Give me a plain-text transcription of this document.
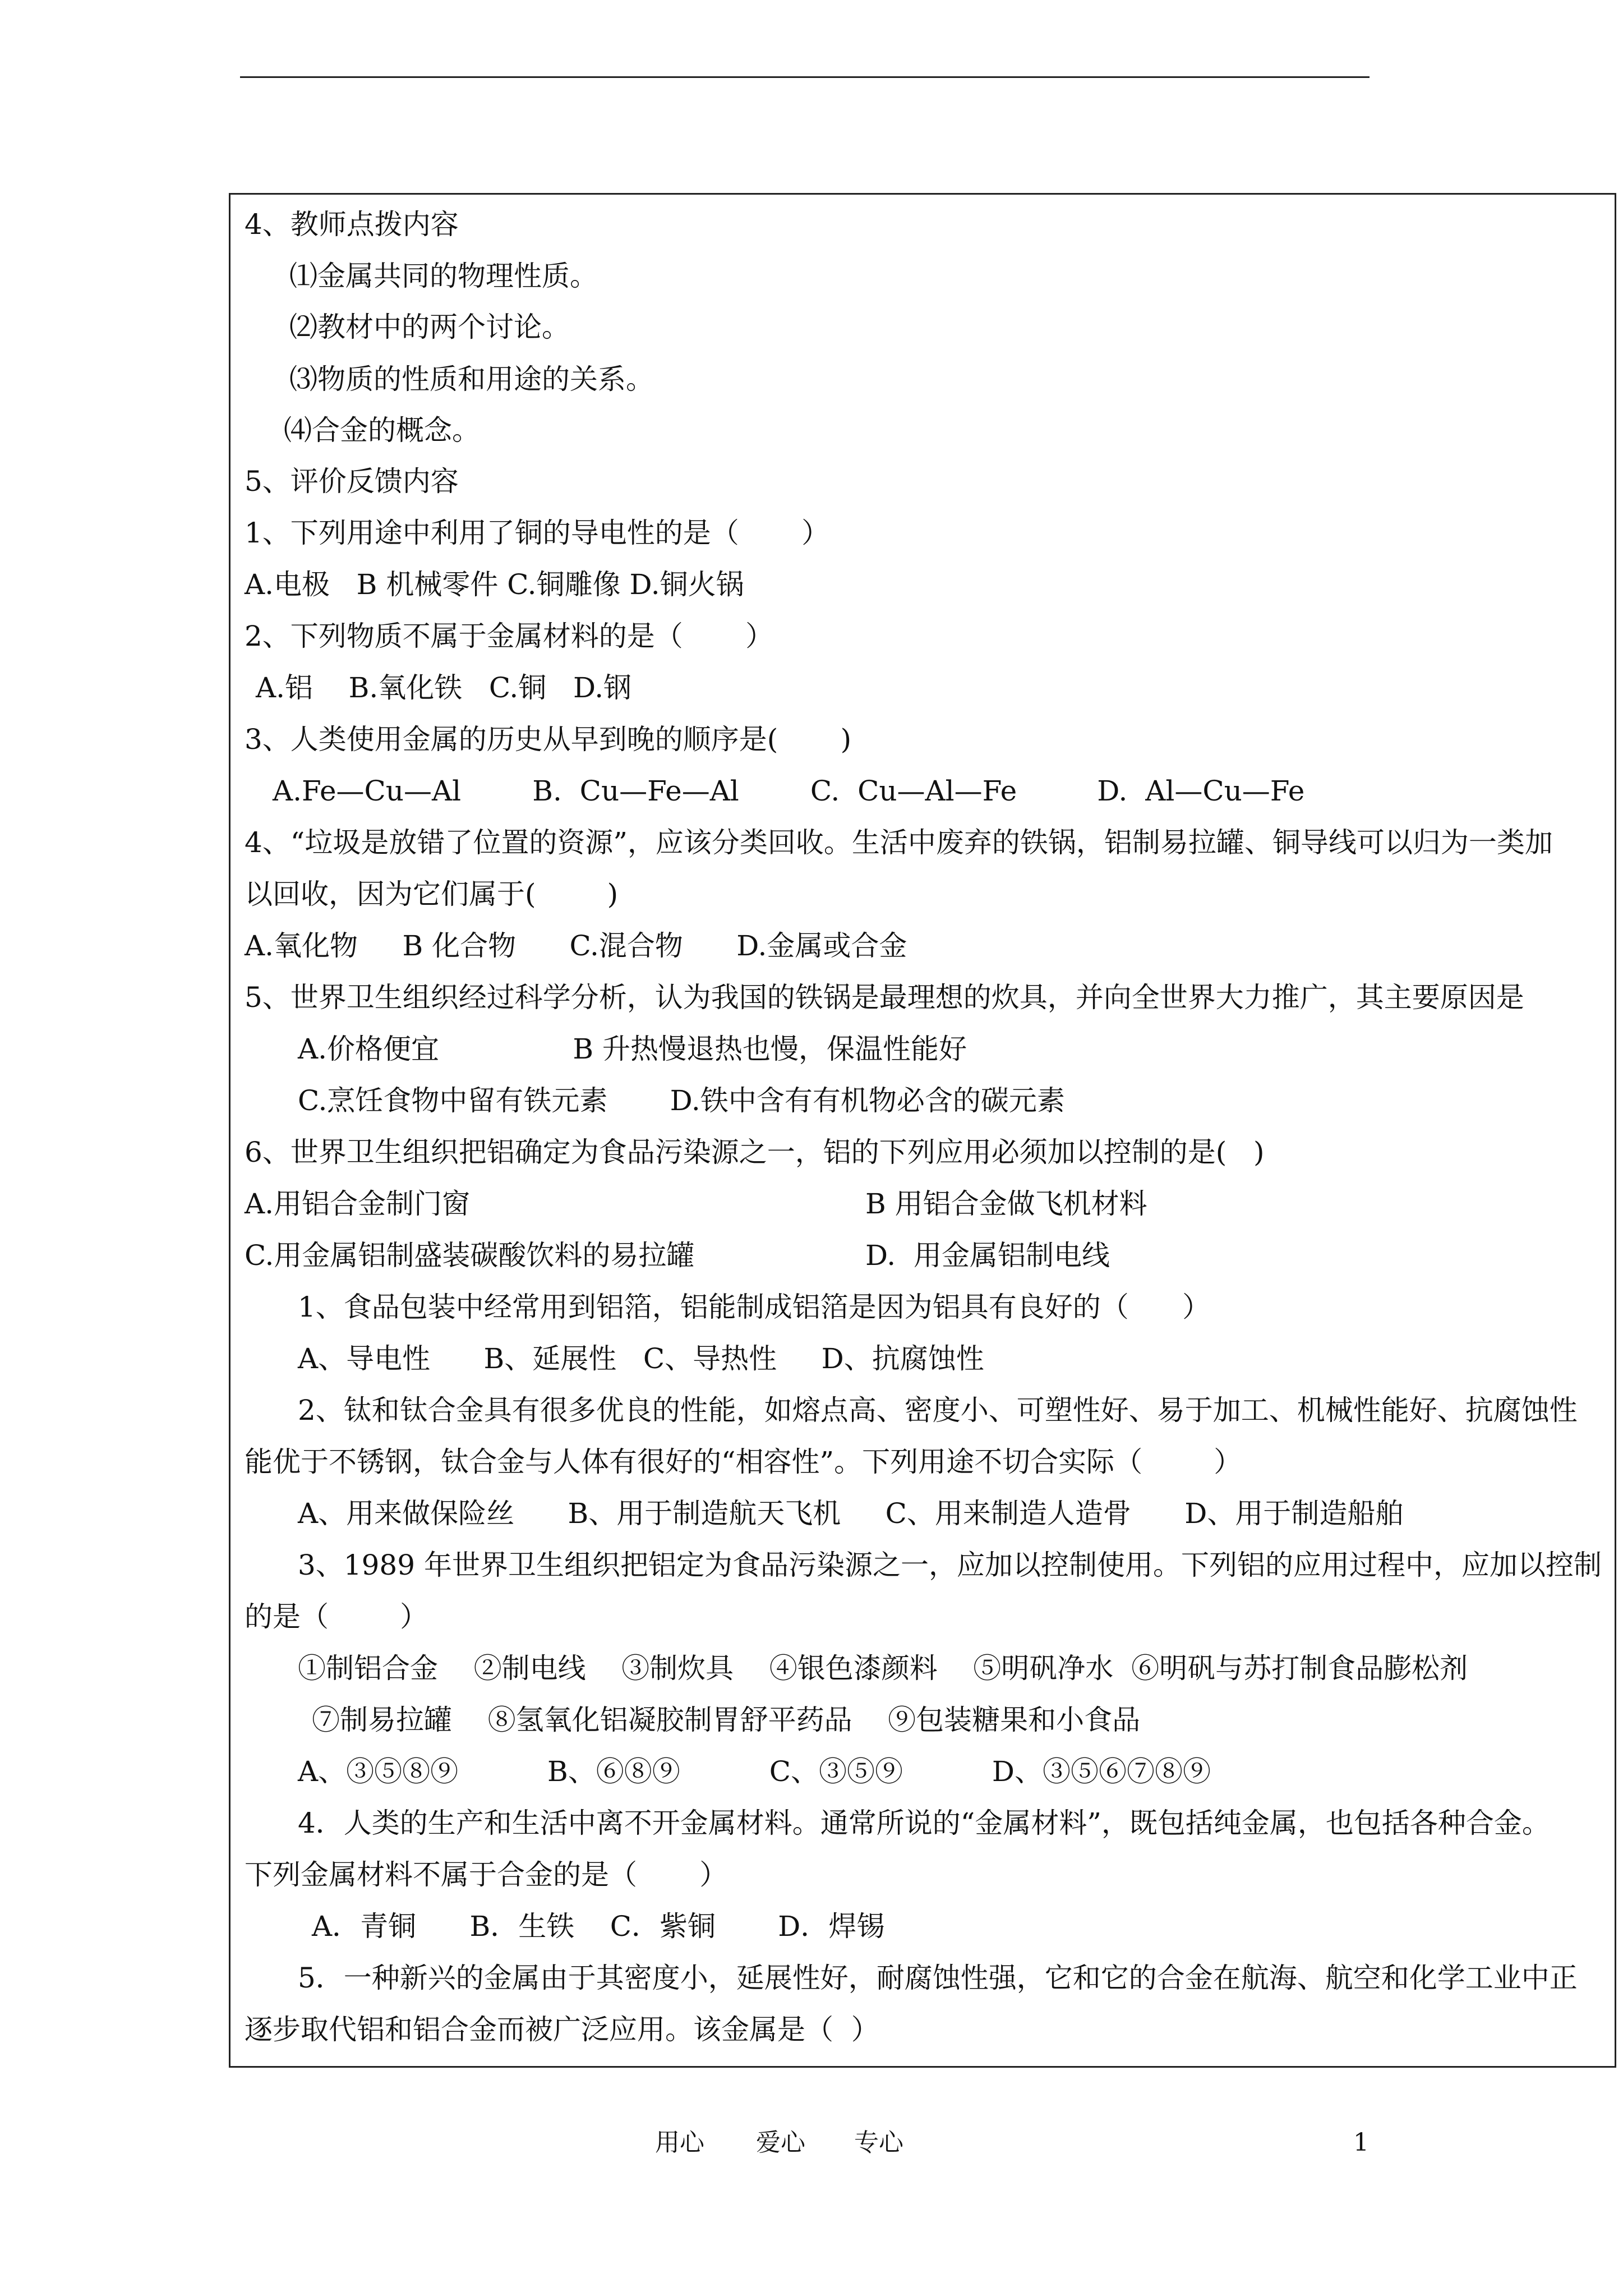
4、教师点拨内容
⑴金属共同的物理性质。
⑵教材中的两个讨论。
⑶物质的性质和用途的关系。
⑷合金的概念。
5、评价反馈内容
1、下列用途中利用了铜的导电性的是（       ）
A.电极   B 机械零件 C.铜雕像 D.铜火锅
2、下列物质不属于金属材料的是（       ）
A.铝    B.氧化铁   C.铜   D.钢
3、人类使用金属的历史从早到晚的顺序是(       )
A.Fe—Cu—Al        B.  Cu—Fe—Al        C.  Cu—Al—Fe         D.  Al—Cu—Fe
4、“垃圾是放错了位置的资源”，应该分类回收。生活中废弃的铁锅，铝制易拉罐、铜导线可以归为一类加
以回收，因为它们属于(        )
A.氧化物     B 化合物      C.混合物      D.金属或合金
5、世界卫生组织经过科学分析，认为我国的铁锅是最理想的炊具，并向全世界大力推广，其主要原因是
A.价格便宜               B 升热慢退热也慢，保温性能好
C.烹饪食物中留有铁元素       D.铁中含有有机物必含的碳元素
6、世界卫生组织把铝确定为食品污染源之一，铝的下列应用必须加以控制的是(   )
A.用铝合金制门窗	B 用铝合金做飞机材料
C.用金属铝制盛装碳酸饮料的易拉罐	D.  用金属铝制电线
1、食品包装中经常用到铝箔，铝能制成铝箔是因为铝具有良好的（      ）
A、导电性      B、延展性   C、导热性     D、抗腐蚀性
2、钛和钛合金具有很多优良的性能，如熔点高、密度小、可塑性好、易于加工、机械性能好、抗腐蚀性
能优于不锈钢，钛合金与人体有很好的“相容性”。下列用途不切合实际（        ）
A、用来做保险丝      B、用于制造航天飞机     C、用来制造人造骨      D、用于制造船舶
3、1989 年世界卫生组织把铝定为食品污染源之一，应加以控制使用。下列铝的应用过程中，应加以控制
的是（        ）
①制铝合金    ②制电线    ③制炊具    ④银色漆颜料    ⑤明矾净水  ⑥明矾与苏打制食品膨松剂
⑦制易拉罐    ⑧氢氧化铝凝胶制胃舒平药品    ⑨包装糖果和小食品
A、③⑤⑧⑨          B、⑥⑧⑨          C、③⑤⑨          D、③⑤⑥⑦⑧⑨
4．人类的生产和生活中离不开金属材料。通常所说的“金属材料”，既包括纯金属，也包括各种合金。
下列金属材料不属于合金的是（       ）
A．青铜      B．生铁    C．紫铜       D．焊锡
5．一种新兴的金属由于其密度小，延展性好，耐腐蚀性强，它和它的合金在航海、航空和化学工业中正
逐步取代铝和铝合金而被广泛应用。该金属是（  ）
用心 爱心 专心	1
